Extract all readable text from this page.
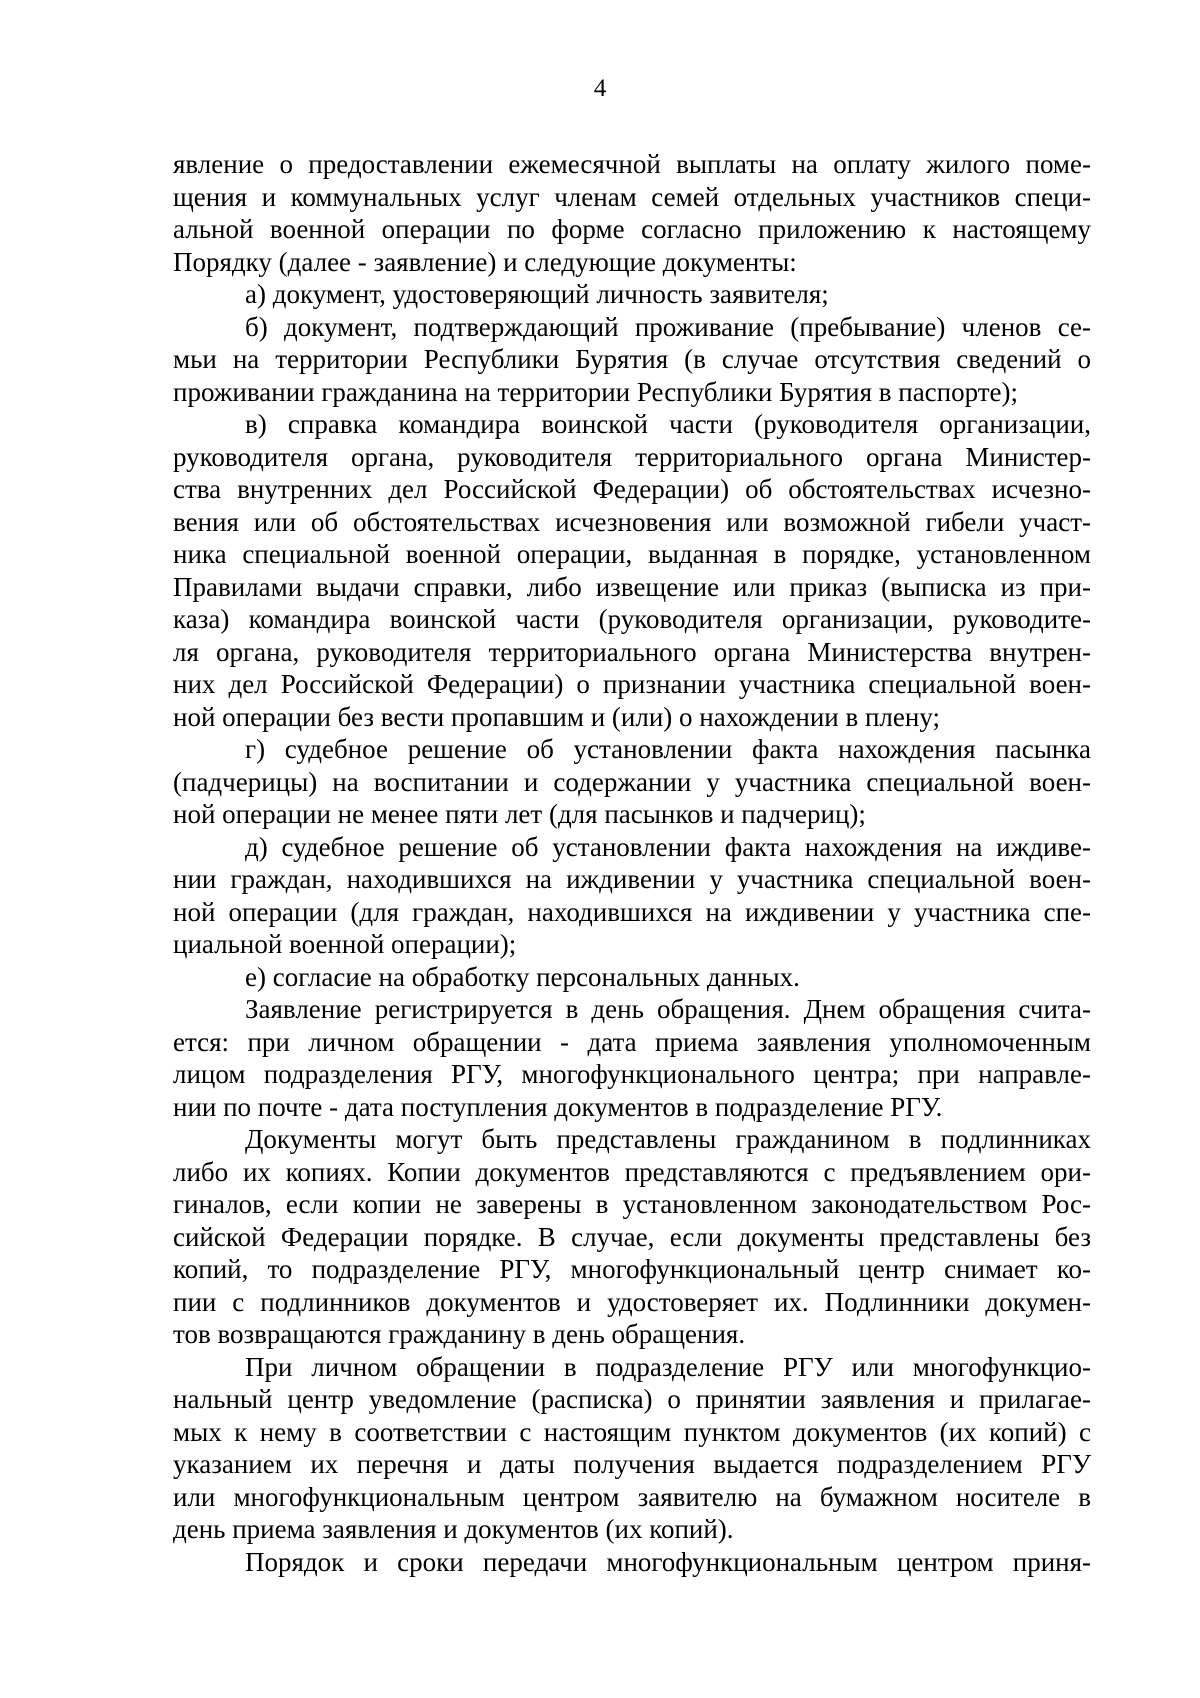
4
явление о предоставлении ежемесячной выплаты на оплату жилого поме-
щения и коммунальных услуг членам семей отдельных участников специ-
альной военной операции по форме согласно приложению к настоящему
Порядку (далее - заявление) и следующие документы:
а) документ, удостоверяющий личность заявителя;
б) документ, подтверждающий проживание (пребывание) членов се-
мьи на территории Республики Бурятия (в случае отсутствия сведений о
проживании гражданина на территории Республики Бурятия в паспорте);
в) справка командира воинской части (руководителя организации,
руководителя органа, руководителя территориального органа Министер-
ства внутренних дел Российской Федерации) об обстоятельствах исчезно-
вения или об обстоятельствах исчезновения или возможной гибели участ-
ника специальной военной операции, выданная в порядке, установленном
Правилами выдачи справки, либо извещение или приказ (выписка из при-
каза) командира воинской части (руководителя организации, руководите-
ля органа, руководителя территориального органа Министерства внутрен-
них дел Российской Федерации) о признании участника специальной воен-
ной операции без вести пропавшим и (или) о нахождении в плену;
г) судебное решение об установлении факта нахождения пасынка
(падчерицы) на воспитании и содержании у участника специальной воен-
ной операции не менее пяти лет (для пасынков и падчериц);
д) судебное решение об установлении факта нахождения на иждиве-
нии граждан, находившихся на иждивении у участника специальной воен-
ной операции (для граждан, находившихся на иждивении у участника спе-
циальной военной операции);
е) согласие на обработку персональных данных.
Заявление регистрируется в день обращения. Днем обращения счита-
ется: при личном обращении - дата приема заявления уполномоченным
лицом подразделения РГУ, многофункционального центра; при направле-
нии по почте - дата поступления документов в подразделение РГУ.
Документы могут быть представлены гражданином в подлинниках
либо их копиях. Копии документов представляются с предъявлением ори-
гиналов, если копии не заверены в установленном законодательством Рос-
сийской Федерации порядке. В случае, если документы представлены без
копий, то подразделение РГУ, многофункциональный центр снимает ко-
пии с подлинников документов и удостоверяет их. Подлинники докумен-
тов возвращаются гражданину в день обращения.
При личном обращении в подразделение РГУ или многофункцио-
нальный центр уведомление (расписка) о принятии заявления и прилагае-
мых к нему в соответствии с настоящим пунктом документов (их копий) с
указанием их перечня и даты получения выдается подразделением РГУ
или многофункциональным центром заявителю на бумажном носителе в
день приема заявления и документов (их копий).
Порядок и сроки передачи многофункциональным центром приня-
